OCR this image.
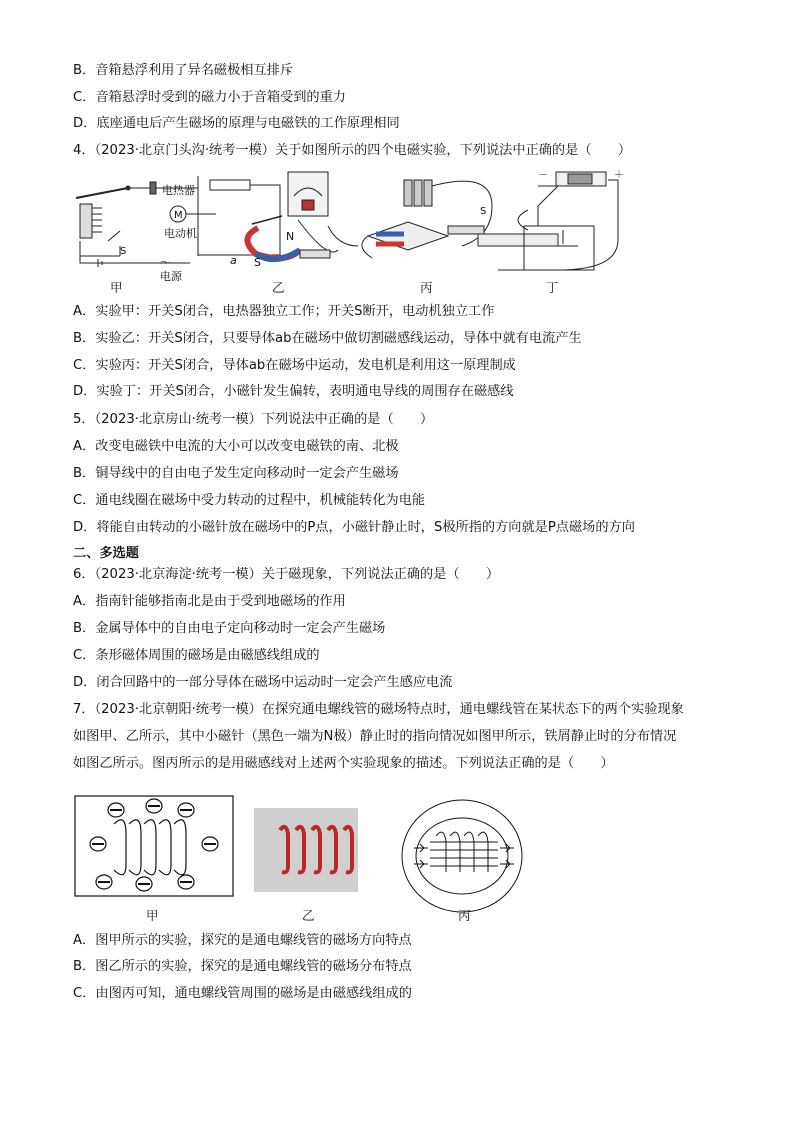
B．音箱悬浮利用了异名磁极相互排斥
C．音箱悬浮时受到的磁力小于音箱受到的重力
D．底座通电后产生磁场的原理与电磁铁的工作原理相同
4．（2023·北京门头沟·统考一模）关于如图所示的四个电磁实验，下列说法中正确的是（　　）
电热器
M
电动机
S
～
电源
S
N
a
S
－	＋
甲	乙	丙	丁
A．实验甲：开关S闭合，电热器独立工作；开关S断开，电动机独立工作
B．实验乙：开关S闭合，只要导体ab在磁场中做切割磁感线运动，导体中就有电流产生
C．实验丙：开关S闭合，导体ab在磁场中运动，发电机是利用这一原理制成
D．实验丁：开关S闭合，小磁针发生偏转，表明通电导线的周围存在磁感线
5．（2023·北京房山·统考一模）下列说法中正确的是（　　）
A．改变电磁铁中电流的大小可以改变电磁铁的南、北极
B．铜导线中的自由电子发生定向移动时一定会产生磁场
C．通电线圈在磁场中受力转动的过程中，机械能转化为电能
D．将能自由转动的小磁针放在磁场中的P点，小磁针静止时，S极所指的方向就是P点磁场的方向
二、多选题
6．（2023·北京海淀·统考一模）关于磁现象，下列说法正确的是（　　）
A．指南针能够指南北是由于受到地磁场的作用
B．金属导体中的自由电子定向移动时一定会产生磁场
C．条形磁体周围的磁场是由磁感线组成的
D．闭合回路中的一部分导体在磁场中运动时一定会产生感应电流
7．（2023·北京朝阳·统考一模）在探究通电螺线管的磁场特点时，通电螺线管在某状态下的两个实验现象
如图甲、乙所示，其中小磁针（黑色一端为N极）静止时的指向情况如图甲所示，铁屑静止时的分布情况
如图乙所示。图丙所示的是用磁感线对上述两个实验现象的描述。下列说法正确的是（　　）
甲	乙	丙
A．图甲所示的实验，探究的是通电螺线管的磁场方向特点
B．图乙所示的实验，探究的是通电螺线管的磁场分布特点
C．由图丙可知，通电螺线管周围的磁场是由磁感线组成的
